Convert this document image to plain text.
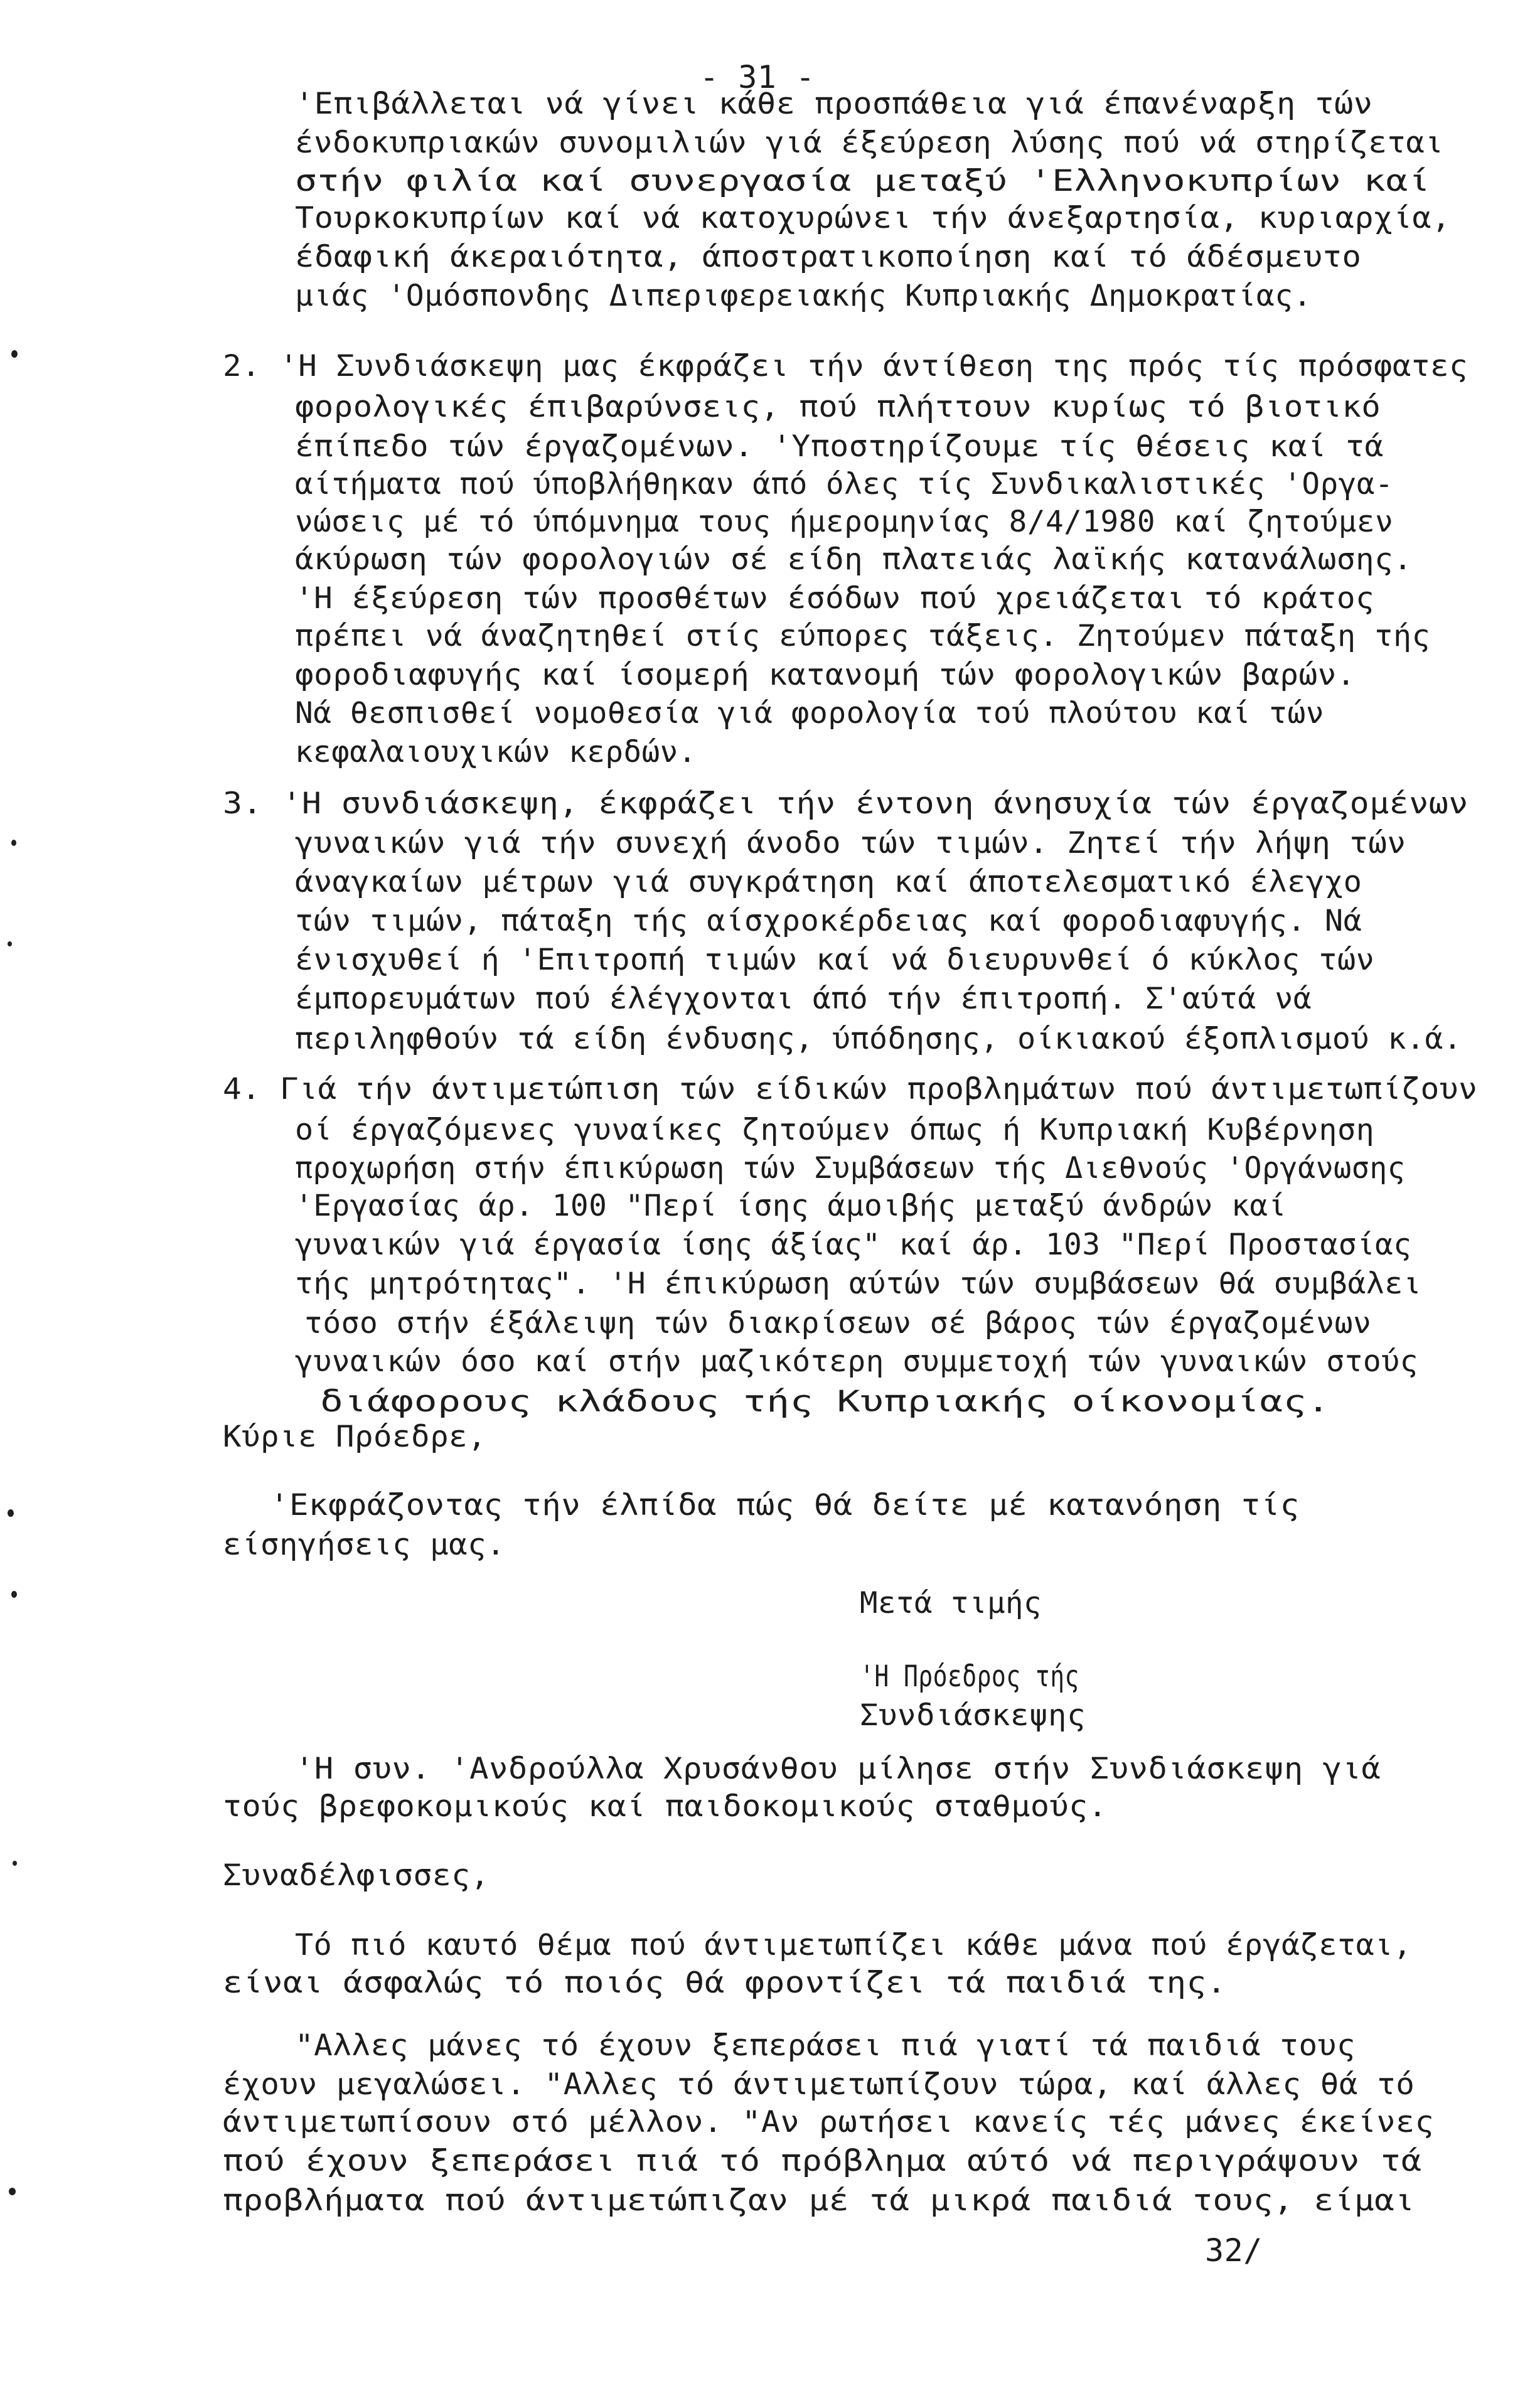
- 31 -
'Επιβάλλεται νά γίνει κάθε προσπάθεια γιά έπανέναρξη τών
ένδοκυπριακών συνομιλιών γιά έξεύρεση λύσης πού νά στηρίζεται
στήν φιλία καί συνεργασία μεταξύ 'Ελληνοκυπρίων καί
Τουρκοκυπρίων καί νά κατοχυρώνει τήν άνεξαρτησία, κυριαρχία,
έδαφική άκεραιότητα, άποστρατικοποίηση καί τό άδέσμευτο
μιάς 'Ομόσπονδης Διπεριφερειακής Κυπριακής Δημοκρατίας.
2. 'Η Συνδιάσκεψη μας έκφράζει τήν άντίθεση της πρός τίς πρόσφατες
φορολογικές έπιβαρύνσεις, πού πλήττουν κυρίως τό βιοτικό
έπίπεδο τών έργαζομένων. 'Υποστηρίζουμε τίς θέσεις καί τά
αίτήματα πού ύποβλήθηκαν άπό όλες τίς Συνδικαλιστικές 'Οργα-
νώσεις μέ τό ύπόμνημα τους ήμερομηνίας 8/4/1980 καί ζητούμεν
άκύρωση τών φορολογιών σέ είδη πλατειάς λαϊκής κατανάλωσης.
'Η έξεύρεση τών προσθέτων έσόδων πού χρειάζεται τό κράτος
πρέπει νά άναζητηθεί στίς εύπορες τάξεις. Ζητούμεν πάταξη τής
φοροδιαφυγής καί ίσομερή κατανομή τών φορολογικών βαρών.
Νά θεσπισθεί νομοθεσία γιά φορολογία τού πλούτου καί τών
κεφαλαιουχικών κερδών.
3. 'Η συνδιάσκεψη, έκφράζει τήν έντονη άνησυχία τών έργαζομένων
γυναικών γιά τήν συνεχή άνοδο τών τιμών. Ζητεί τήν λήψη τών
άναγκαίων μέτρων γιά συγκράτηση καί άποτελεσματικό έλεγχο
τών τιμών, πάταξη τής αίσχροκέρδειας καί φοροδιαφυγής. Νά
ένισχυθεί ή 'Επιτροπή τιμών καί νά διευρυνθεί ό κύκλος τών
έμπορευμάτων πού έλέγχονται άπό τήν έπιτροπή. Σ'αύτά νά
περιληφθούν τά είδη ένδυσης, ύπόδησης, οίκιακού έξοπλισμού κ.ά.
4. Γιά τήν άντιμετώπιση τών είδικών προβλημάτων πού άντιμετωπίζουν
οί έργαζόμενες γυναίκες ζητούμεν όπως ή Κυπριακή Κυβέρνηση
προχωρήση στήν έπικύρωση τών Συμβάσεων τής Διεθνούς 'Οργάνωσης
'Εργασίας άρ. 100 "Περί ίσης άμοιβής μεταξύ άνδρών καί
γυναικών γιά έργασία ίσης άξίας" καί άρ. 103 "Περί Προστασίας
τής μητρότητας". 'Η έπικύρωση αύτών τών συμβάσεων θά συμβάλει
τόσο στήν έξάλειψη τών διακρίσεων σέ βάρος τών έργαζομένων
γυναικών όσο καί στήν μαζικότερη συμμετοχή τών γυναικών στούς
διάφορους κλάδους τής Κυπριακής οίκονομίας.
Κύριε Πρόεδρε,
'Εκφράζοντας τήν έλπίδα πώς θά δείτε μέ κατανόηση τίς
είσηγήσεις μας.
Μετά τιμής
'Η Πρόεδρος τής
Συνδιάσκεψης
'Η συν. 'Ανδρούλλα Χρυσάνθου μίλησε στήν Συνδιάσκεψη γιά
τούς βρεφοκομικούς καί παιδοκομικούς σταθμούς.
Συναδέλφισσες,
Τό πιό καυτό θέμα πού άντιμετωπίζει κάθε μάνα πού έργάζεται,
είναι άσφαλώς τό ποιός θά φροντίζει τά παιδιά της.
"Αλλες μάνες τό έχουν ξεπεράσει πιά γιατί τά παιδιά τους
έχουν μεγαλώσει. "Αλλες τό άντιμετωπίζουν τώρα, καί άλλες θά τό
άντιμετωπίσουν στό μέλλον. "Αν ρωτήσει κανείς τές μάνες έκείνες
πού έχουν ξεπεράσει πιά τό πρόβλημα αύτό νά περιγράψουν τά
προβλήματα πού άντιμετώπιζαν μέ τά μικρά παιδιά τους, είμαι
32/
